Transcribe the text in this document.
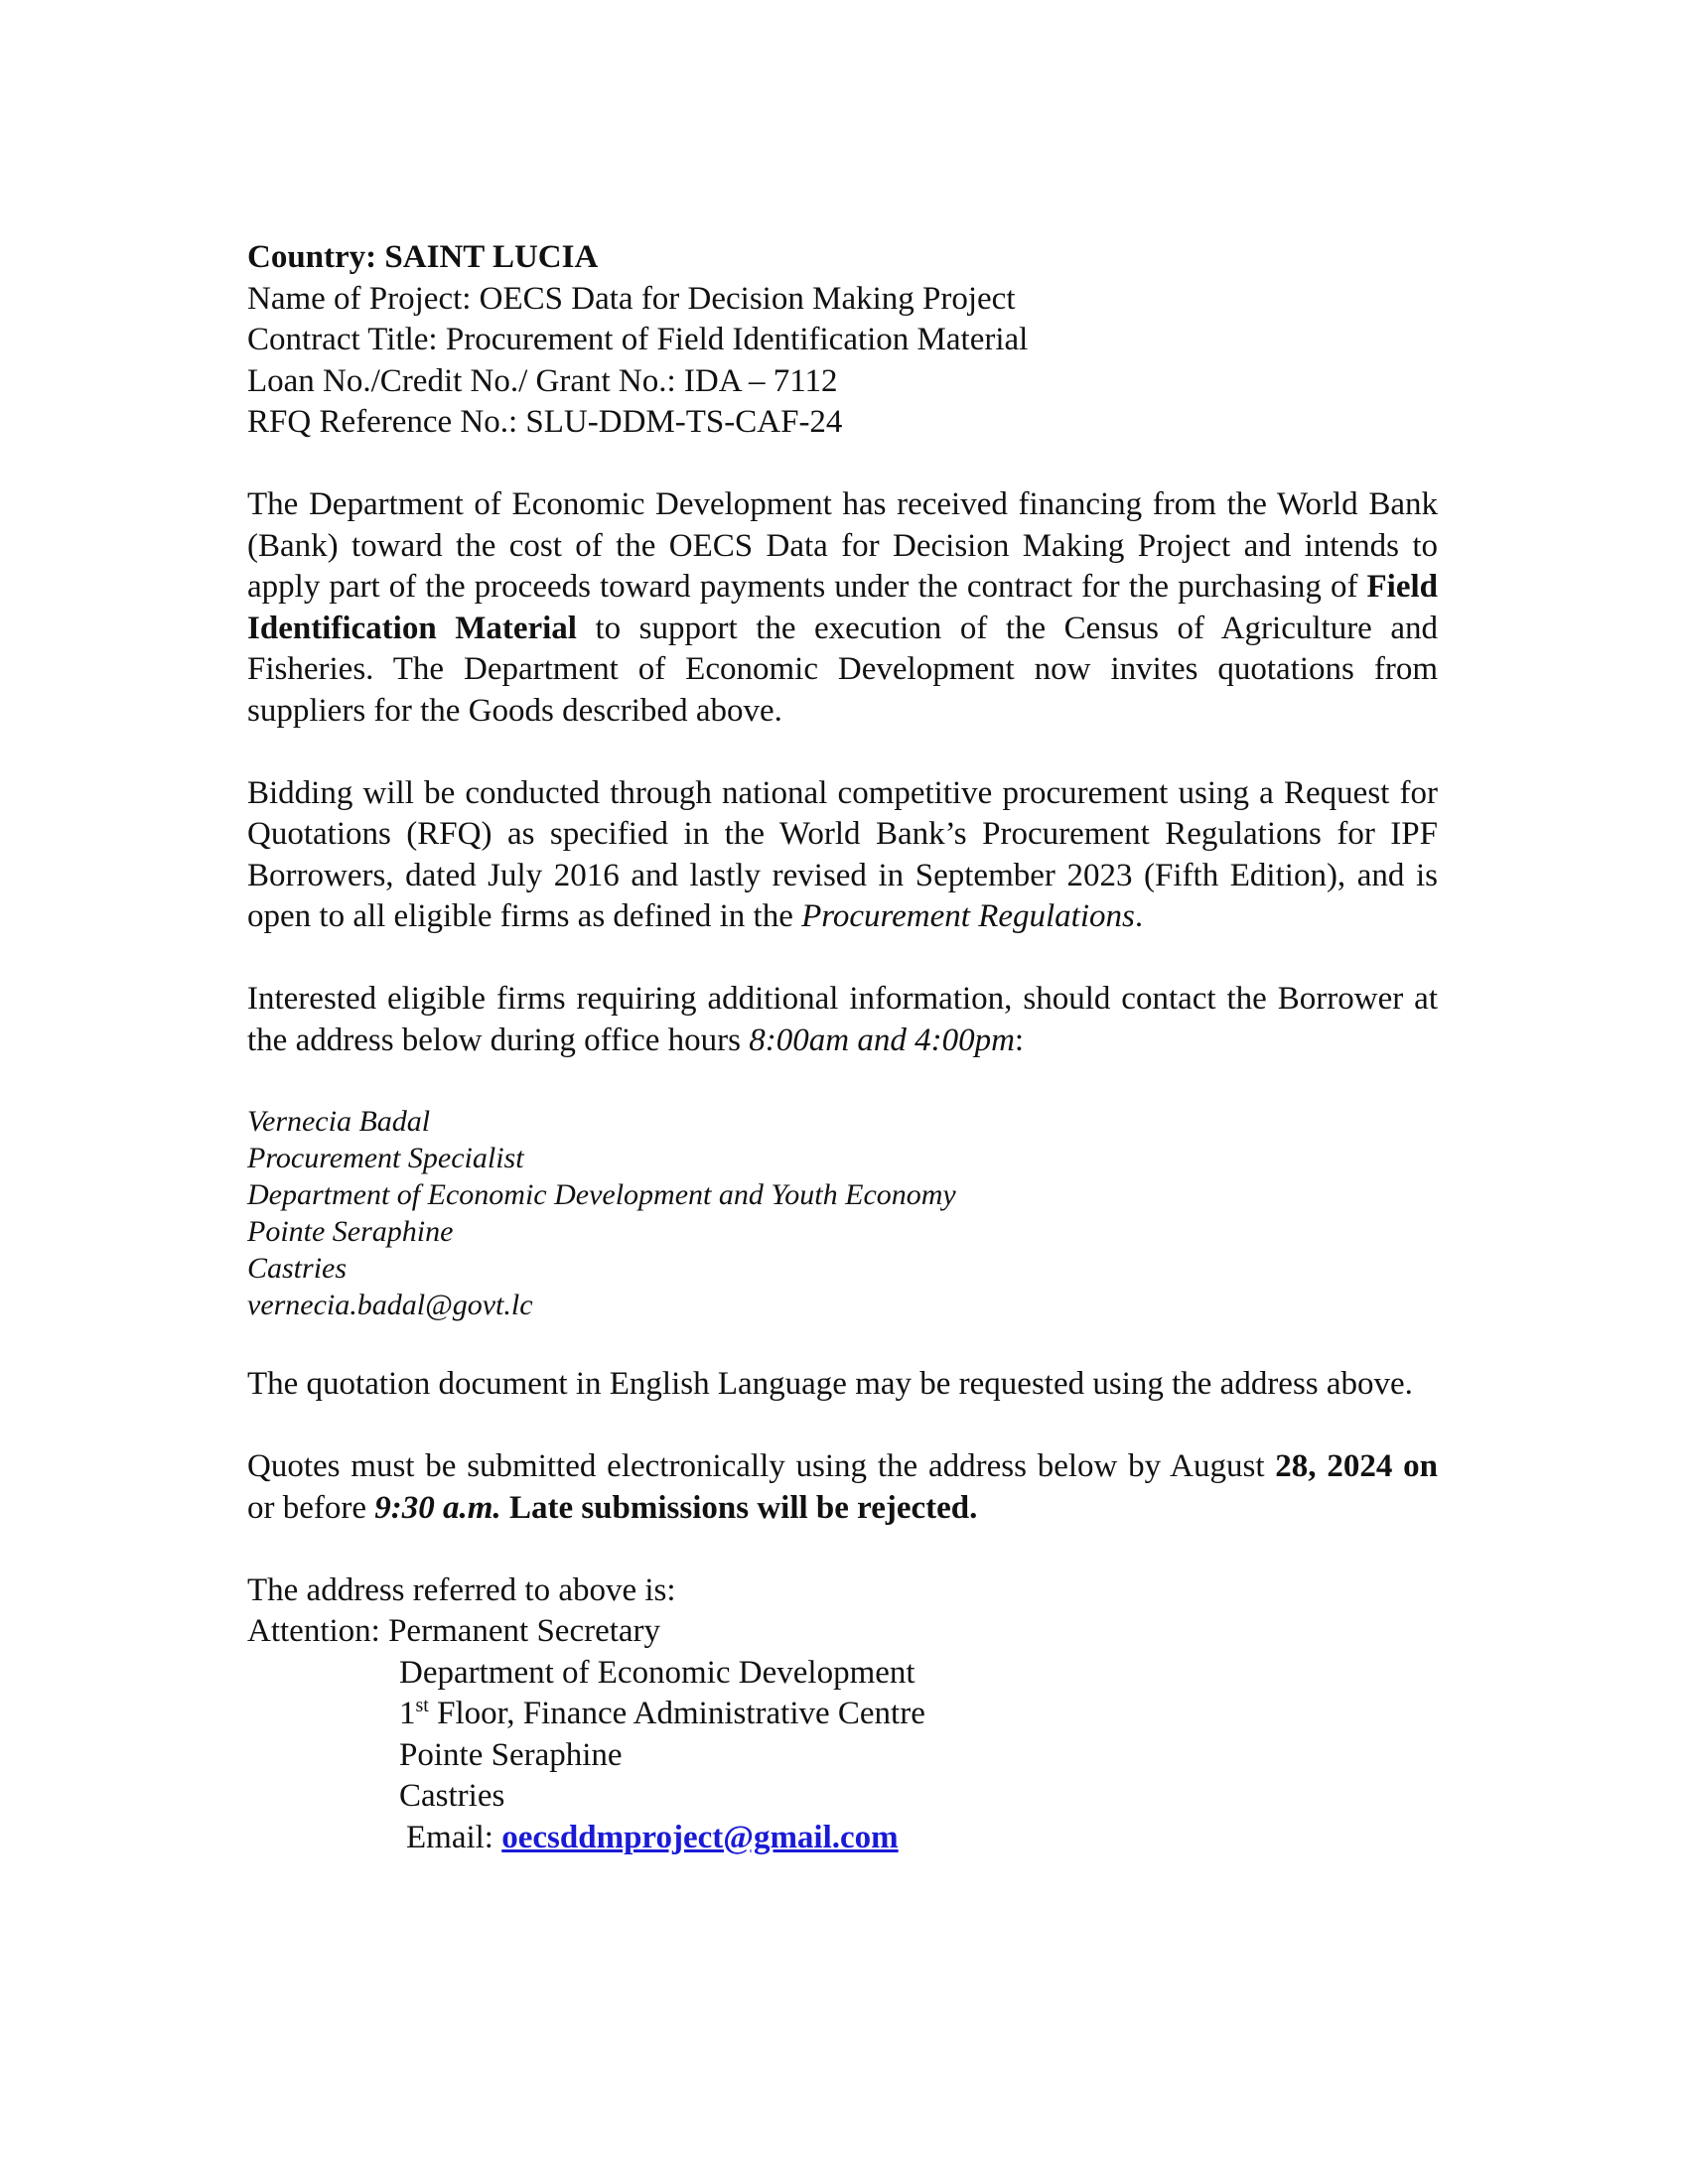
Country: SAINT LUCIA
Name of Project: OECS Data for Decision Making Project
Contract Title: Procurement of Field Identification Material
Loan No./Credit No./ Grant No.: IDA – 7112
RFQ Reference No.: SLU-DDM-TS-CAF-24

The Department of Economic Development has received financing from the World Bank (Bank) toward the cost of the OECS Data for Decision Making Project and intends to apply part of the proceeds toward payments under the contract for the purchasing of Field Identification Material to support the execution of the Census of Agriculture and Fisheries. The Department of Economic Development now invites quotations from suppliers for the Goods described above.

Bidding will be conducted through national competitive procurement using a Request for Quotations (RFQ) as specified in the World Bank’s Procurement Regulations for IPF Borrowers, dated July 2016 and lastly revised in September 2023 (Fifth Edition), and is open to all eligible firms as defined in the Procurement Regulations.

Interested eligible firms requiring additional information, should contact the Borrower at the address below during office hours 8:00am and 4:00pm:

Vernecia Badal
Procurement Specialist
Department of Economic Development and Youth Economy
Pointe Seraphine
Castries
vernecia.badal@govt.lc

The quotation document in English Language may be requested using the address above.

Quotes must be submitted electronically using the address below by August 28, 2024 on or before 9:30 a.m. Late submissions will be rejected.

The address referred to above is:
Attention: Permanent Secretary
Department of Economic Development
1st Floor, Finance Administrative Centre
Pointe Seraphine
Castries
Email: oecsddmproject@gmail.com
